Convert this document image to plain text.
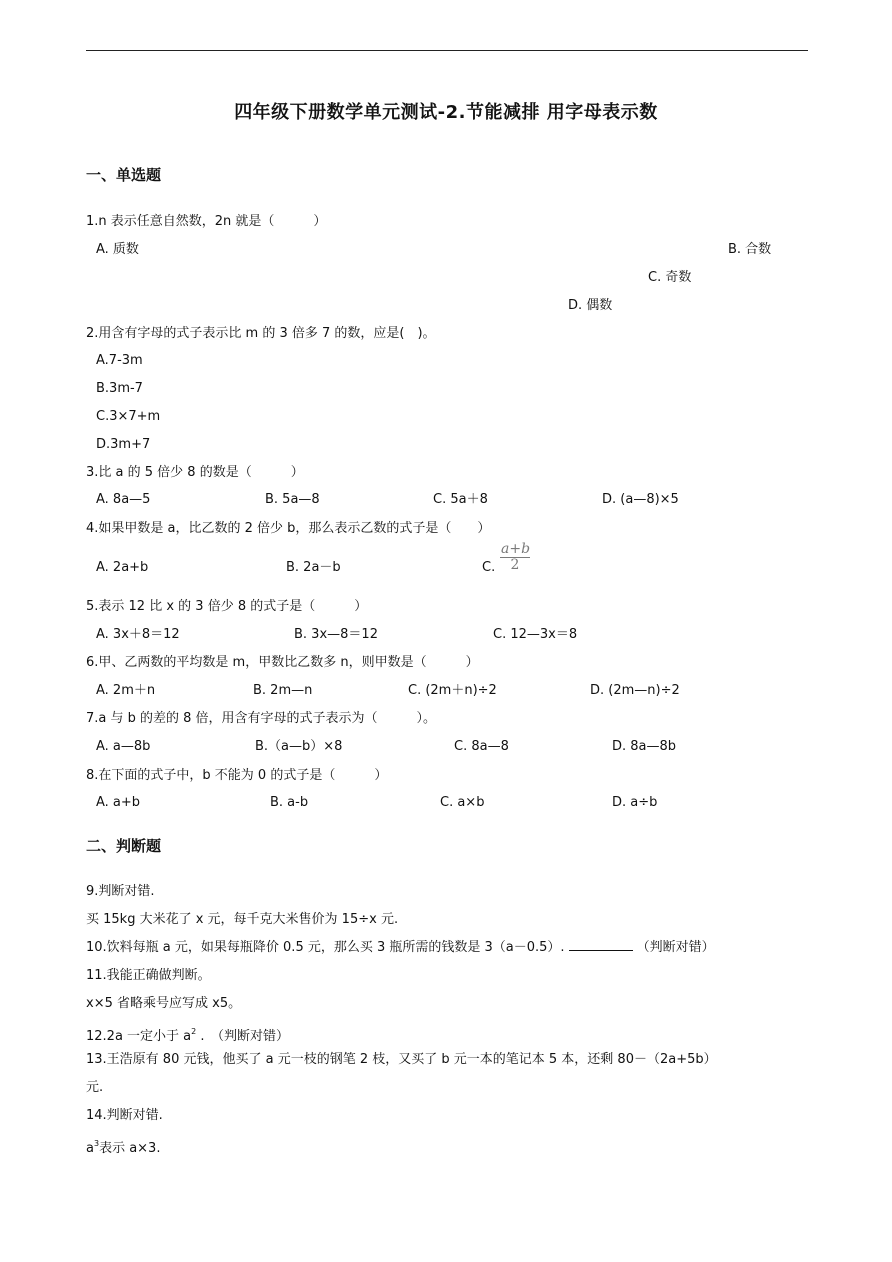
四年级下册数学单元测试-2.节能减排 用字母表示数
一、单选题
1.n 表示任意自然数，2n 就是（　　　）
A. 质数	B. 合数
C. 奇数
D. 偶数
2.用含有字母的式子表示比 m 的 3 倍多 7 的数，应是(　)。
A.7-3m
B.3m-7
C.3×7+m
D.3m+7
3.比 a 的 5 倍少 8 的数是（　　　）
A. 8a—5	B. 5a—8	C. 5a＋8	D. (a—8)×5
4.如果甲数是 a，比乙数的 2 倍少 b，那么表示乙数的式子是（　　）
A. 2a+b	B. 2a－b	C. $\frac{a+b}{2}$
5.表示 12 比 x 的 3 倍少 8 的式子是（　　　）
A. 3x＋8＝12	B. 3x—8＝12	C. 12—3x＝8
6.甲、乙两数的平均数是 m，甲数比乙数多 n，则甲数是（　　　）
A. 2m＋n	B. 2m—n	C. (2m＋n)÷2	D. (2m—n)÷2
7.a 与 b 的差的 8 倍，用含有字母的式子表示为（　　　）。
A. a—8b	B.（a—b）×8	C. 8a—8	D. 8a—8b
8.在下面的式子中，b 不能为 0 的式子是（　　　）
A. a+b	B. a-b	C. a×b	D. a÷b
二、判断题
9.判断对错.
买 15kg 大米花了 x 元，每千克大米售价为 15÷x 元.
10.饮料每瓶 a 元，如果每瓶降价 0.5 元，那么买 3 瓶所需的钱数是 3（a－0.5）.	（判断对错）
11.我能正确做判断。
x×5 省略乘号应写成 x5。
12.2a 一定小于 $a^2$ .　（判断对错）
13.王浩原有 80 元钱，他买了 a 元一枝的钢笔 2 枝，又买了 b 元一本的笔记本 5 本，还剩 80－（2a+5b）
元.
14.判断对错.
$a^3$表示 a×3.
